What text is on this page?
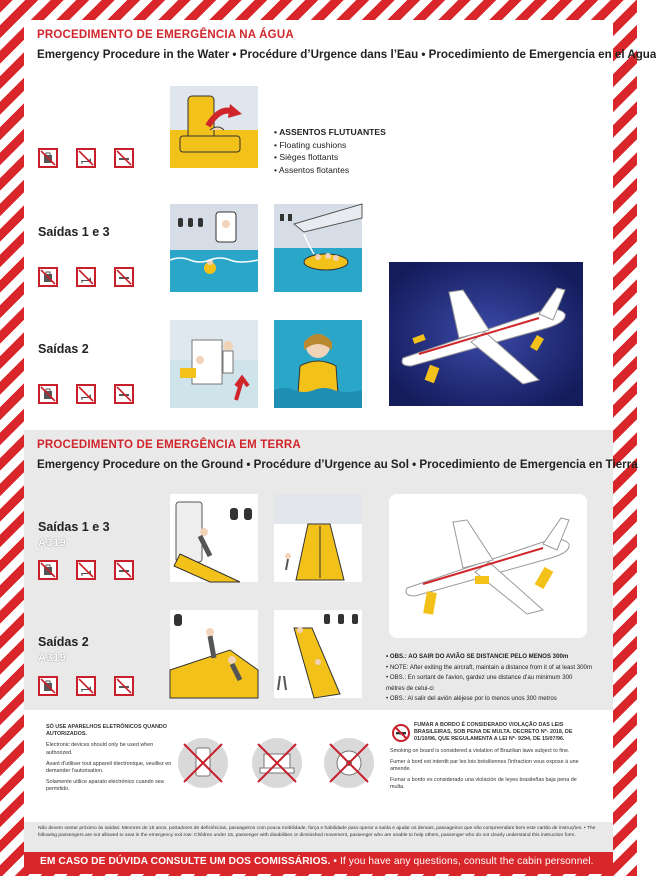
PROCEDIMENTO DE EMERGÊNCIA NA ÁGUA
Emergency Procedure in the Water • Procédure d’Urgence dans l’Eau • Procedimiento de Emergencia en el Agua
• ASSENTOS FLUTUANTES
• Floating cushions
• Sièges flottants
• Assentos flotantes
Saídas 1 e 3
Saídas 2
PROCEDIMENTO DE EMERGÊNCIA EM TERRA
Emergency Procedure on the Ground • Procédure d’Urgence au Sol • Procedimiento de Emergencia en Tierra
Saídas 1 e 3
A319
Saídas 2
A319	• OBS.: AO SAIR DO AVIÃO SE DISTANCIE PELO MENOS 300m
• NOTE: After exiting the aircraft, maintain a distance from it of at least 300m
• OBS.: En sortant de l'avion, gardez une distance d'au minimum 300
mètres de celui-ci
• OBS.: Al salir del avión aléjese por lo menos unos 300 metros

SÓ USE APARELHOS ELETRÔNICOS QUANDO AUTORIZADOS.

Electronic devices should only be used when authorized.

Avant d'utiliser tout appareil électronique, veuillez en demander l'autorisation.

Solamente utilice aparato electrónico cuando sea permitido.

FUMAR A BORDO É CONSIDERADO VIOLAÇÃO DAS LEIS BRASILEIRAS, SOB PENA DE MULTA. DECRETO Nº- 2018, DE 01/10/96, QUE REGULAMENTA A LEI Nº- 9294, DE 15/07/96.

Smoking on board is considered a violation of Brazilian laws subject to fine.

Fumer à bord est interdit par les lois brésiliennes l'infraction vous expose à une amende.

Fumar a bordo es considerado una violación de leyes brasileñas baja pena de multa.

Não devem sentar próximo às saídas: Menores de 15 anos, portadores de deficiências, passageiros com pouca mobilidade, força e habilidade para operar a saída e ajudar os demais, passageiros que não compreendam bem este cartão de instruções. • The following passengers are not allowed to seat in the emergency exit row: Children under 15, passenger with disabilities or diminished movement, passenger who are unable to help others, passenger who do not clearly understand this instruction form.
EM CASO DE DÚVIDA CONSULTE UM DOS COMISSÁRIOS. • If you have any questions, consult the cabin personnel.
